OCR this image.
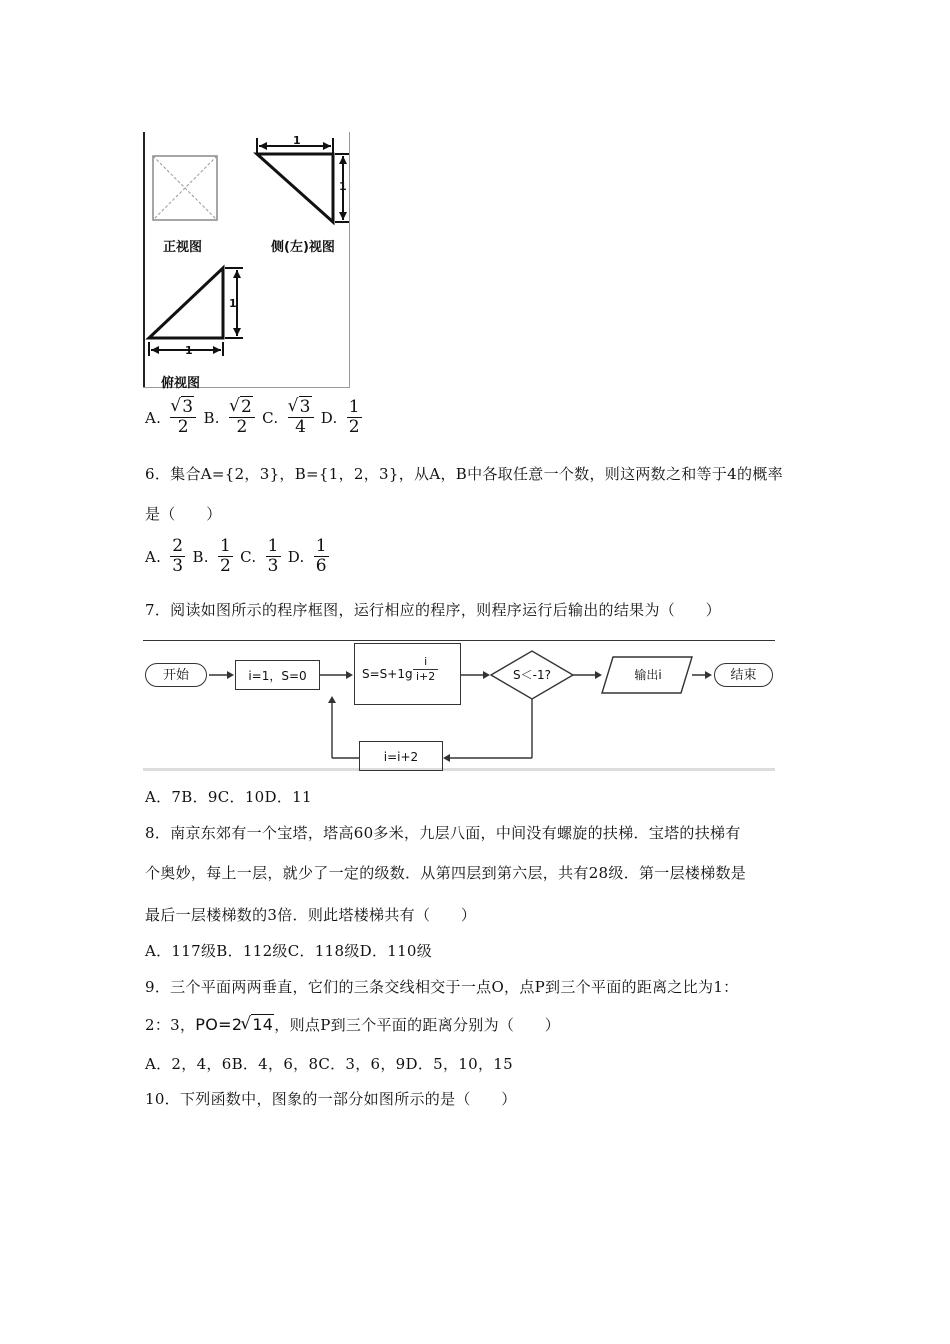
正视图
1
1
侧(左)视图
1
1
俯视图
A. √ $\frac{3}{2} B$. √ $\frac{2}{2} C$. √ $\frac{3}{4} D$. $\frac{1}{2}$
6．集合A={2，3}，B={1，2，3}，从A，B中各取任意一个数，则这两数之和等于4的概率
是（　　）
A. $\frac{2}{3} B$. $\frac{1}{2} C$. $\frac{1}{3} D$. $\frac{1}{6}$
7．阅读如图所示的程序框图，运行相应的程序，则程序运行后输出的结果为（　　）
开始	i=1，S=0	$S=S+1g \frac{i}{i+2}$	S＜-1?	输出i	结束
i=i+2
A．7B．9C．10D．11
8．南京东郊有一个宝塔，塔高60多米，九层八面，中间没有螺旋的扶梯．宝塔的扶梯有
个奥妙，每上一层，就少了一定的级数．从第四层到第六层，共有28级．第一层楼梯数是
最后一层楼梯数的3倍．则此塔楼梯共有（　　）
A．117级B．112级C．118级D．110级
9．三个平面两两垂直，它们的三条交线相交于一点O，点P到三个平面的距离之比为1：
2：3，PO=2 √ 14，则点P到三个平面的距离分别为（　　）
A．2，4，6B．4，6，8C．3，6，9D．5，10，15
10．下列函数中，图象的一部分如图所示的是（　　）
